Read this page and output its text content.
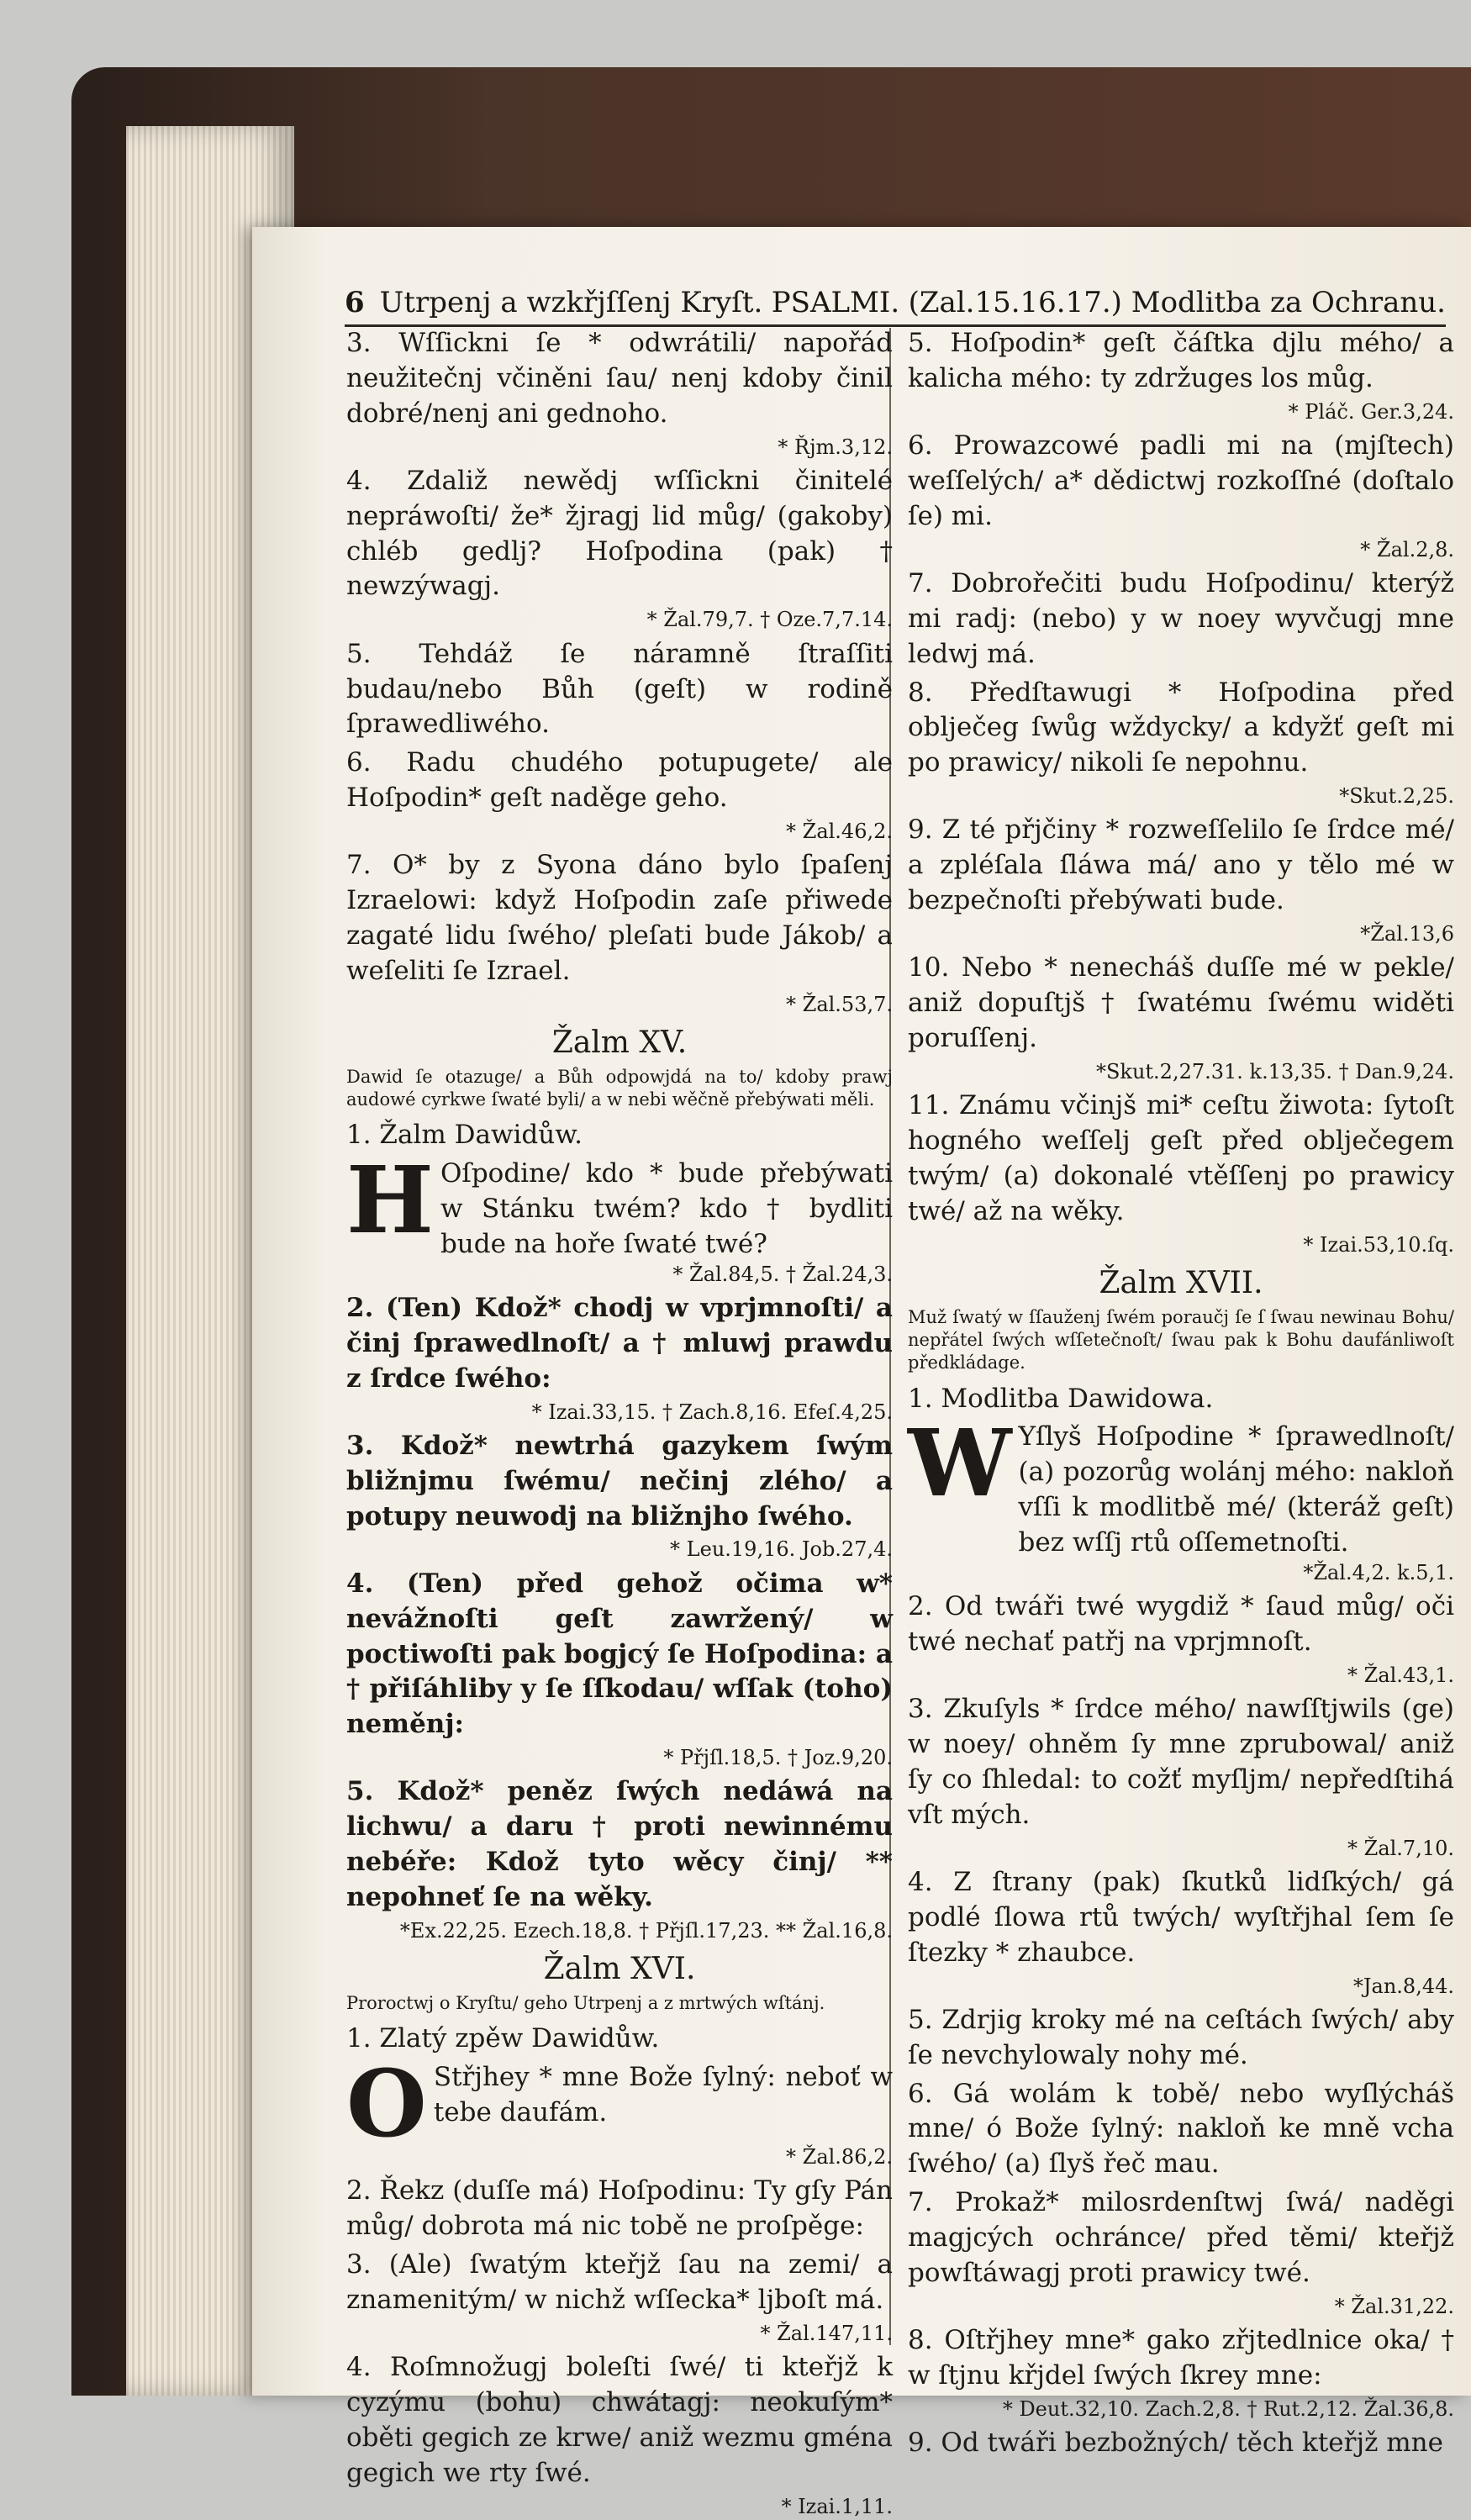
6 Utrpenj a wzkřjſſenj Kryſt. PSALMI. (Zal.15.16.17.) Modlitba za Ochranu.

3. Wſſickni ſe * odwrátili/ napořád neužitečnj včiněni ſau/ nenj kdoby činil dobré/nenj ani gednoho.

* Řjm.3,12.

4. Zdaliž newědj wſſickni činitelé nepráwoſti/ že* žjragj lid můg/ (gakoby) chléb gedlj? Hoſpodina (pak) † newzýwagj.

* Žal.79,7. † Oze.7,7.14.

5. Tehdáž ſe náramně ſtraſſiti budau/nebo Bůh (geſt) w rodině ſprawedliwého.

6. Radu chudého potupugete/ ale Hoſpodin* geſt naděge geho.

* Žal.46,2.

7. O* by z Syona dáno bylo ſpaſenj Izraelowi: když Hoſpodin zaſe přiwede zagaté lidu ſwého/ pleſati bude Jákob/ a weſeliti ſe Izrael.

* Žal.53,7.

Žalm XV.

Dawid ſe otazuge/ a Bůh odpowjdá na to/ kdoby prawj audowé cyrkwe ſwaté byli/ a w nebi wěčně přebýwati měli.

1. Žalm Dawidůw.

H Oſpodine/ kdo * bude přebýwati w Stánku twém? kdo † bydliti bude na hoře ſwaté twé?

* Žal.84,5. † Žal.24,3.

2. (Ten) Kdož* chodj w vprjmnoſti/ a činj ſprawedlnoſt/ a † mluwj prawdu z ſrdce ſwého:

* Izai.33,15. † Zach.8,16. Efeſ.4,25.

3. Kdož* newtrhá gazykem ſwým bližnjmu ſwému/ nečinj zlého/ a potupy neuwodj na bližnjho ſwého.

* Leu.19,16. Job.27,4.

4. (Ten) před gehož očima w* nevážnoſti geſt zawržený/ w poctiwoſti pak bogjcý ſe Hoſpodina: a † přiſáhliby y ſe ſſkodau/ wſſak (toho) neměnj:

* Přjſl.18,5. † Joz.9,20.

5. Kdož* peněz ſwých nedáwá na lichwu/ a daru † proti newinnému nebéře: Kdož tyto wěcy činj/ ** nepohneť ſe na wěky.

*Ex.22,25. Ezech.18,8. † Přjſl.17,23. ** Žal.16,8.

Žalm XVI.

Proroctwj o Kryſtu/ geho Utrpenj a z mrtwých wſtánj.

1. Zlatý zpěw Dawidůw.

O Střjhey * mne Bože ſylný: neboť w tebe daufám.

* Žal.86,2.

2. Řekz (duſſe má) Hoſpodinu: Ty gſy Pán můg/ dobrota má nic tobě ne proſpěge:

3. (Ale) ſwatým kteřjž ſau na zemi/ a znamenitým/ w nichž wſſecka* ljboſt má.

* Žal.147,11.

4. Roſmnožugj boleſti ſwé/ ti kteřjž k cyzýmu (bohu) chwátagj: neokuſým* oběti gegich ze krwe/ aniž wezmu gména gegich we rty ſwé.

* Izai.1,11.

5. Hoſpodin* geſt čáſtka djlu mého/ a kalicha mého: ty zdržuges los můg.

* Pláč. Ger.3,24.

6. Prowazcowé padli mi na (mjſtech) weſſelých/ a* dědictwj rozkoſſné (doſtalo ſe) mi.

* Žal.2,8.

7. Dobrořečiti budu Hoſpodinu/ kterýž mi radj: (nebo) y w noey wyvčugj mne ledwj má.

8. Předſtawugi * Hoſpodina před oblječeg ſwůg wždycky/ a kdyžť geſt mi po prawicy/ nikoli ſe nepohnu.

*Skut.2,25.

9. Z té přjčiny * rozweſſelilo ſe ſrdce mé/ a zpléſala ſláwa má/ ano y tělo mé w bezpečnoſti přebýwati bude.

*Žal.13,6

10. Nebo * nenecháš duſſe mé w pekle/ aniž dopuſtjš † ſwatému ſwému widěti poruſſenj.

*Skut.2,27.31. k.13,35. † Dan.9,24.

11. Známu včinjš mi* ceſtu žiwota: ſytoſt hogného weſſelj geſt před oblječegem twým/ (a) dokonalé vtěſſenj po prawicy twé/ až na wěky.

* Izai.53,10.ſq.

Žalm XVII.

Muž ſwatý w ſſauženj ſwém poraučj ſe ſ ſwau newinau Bohu/ nepřátel ſwých wſſetečnoſt/ ſwau pak k Bohu daufánliwoſt předkládage.

1. Modlitba Dawidowa.

W Yſlyš Hoſpodine * ſprawedlnoſt/ (a) pozorůg wolánj mého: nakloň vſſi k modlitbě mé/ (kteráž geſt) bez wſſj rtů oſſemetnoſti.

*Žal.4,2. k.5,1.

2. Od twáři twé wygdiž * ſaud můg/ oči twé nechať patřj na vprjmnoſt.

* Žal.43,1.

3. Zkuſyls * ſrdce mého/ nawſſtjwils (ge) w noey/ ohněm ſy mne zprubowal/ aniž ſy co ſhledal: to cožť myſljm/ nepředſtihá vſt mých.

* Žal.7,10.

4. Z ſtrany (pak) ſkutků lidſkých/ gá podlé ſlowa rtů twých/ wyſtřjhal ſem ſe ſtezky * zhaubce.

*Jan.8,44.

5. Zdrjig kroky mé na ceſtách ſwých/ aby ſe nevchylowaly nohy mé.

6. Gá wolám k tobě/ nebo wyſlýcháš mne/ ó Bože ſylný: nakloň ke mně vcha ſwého/ (a) ſlyš řeč mau.

7. Prokaž* milosrdenſtwj ſwá/ naděgi magjcých ochránce/ před těmi/ kteřjž powſtáwagj proti prawicy twé.

* Žal.31,22.

8. Oſtřjhey mne* gako zřjtedlnice oka/ † w ſtjnu křjdel ſwých ſkrey mne:

* Deut.32,10. Zach.2,8. † Rut.2,12. Žal.36,8.

9. Od twáři bezbožných/ těch kteřjž mne
